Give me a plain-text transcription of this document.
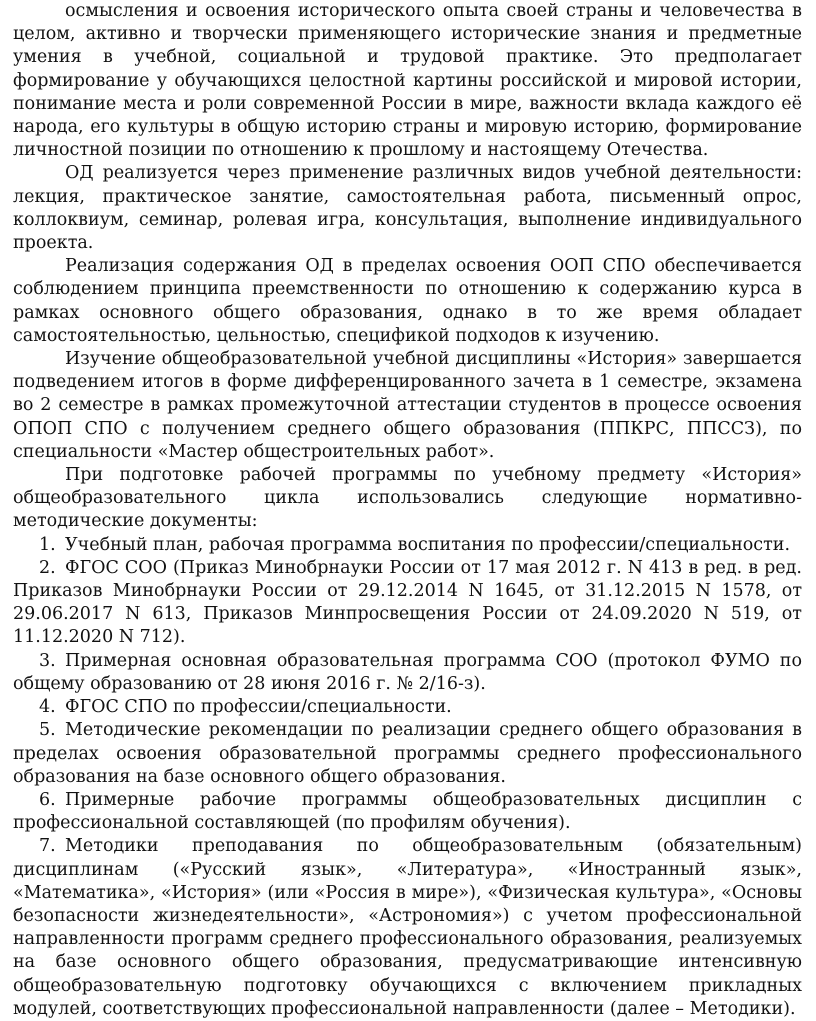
осмысления и освоения исторического опыта своей страны и человечества в целом, активно и творчески применяющего исторические знания и предметные умения в учебной, социальной и трудовой практике. Это предполагает формирование у обучающихся целостной картины российской и мировой истории, понимание места и роли современной России в мире, важности вклада каждого её народа, его культуры в общую историю страны и мировую историю, формирование личностной позиции по отношению к прошлому и настоящему Отечества.

ОД реализуется через применение различных видов учебной деятельности: лекция, практическое занятие, самостоятельная работа, письменный опрос, коллоквиум, семинар, ролевая игра, консультация, выполнение индивидуального проекта.

Реализация содержания ОД в пределах освоения ООП СПО обеспечивается соблюдением принципа преемственности по отношению к содержанию курса в рамках основного общего образования, однако в то же время обладает самостоятельностью, цельностью, спецификой подходов к изучению.

Изучение общеобразовательной учебной дисциплины «История» завершается подведением итогов в форме дифференцированного зачета в 1 семестре, экзамена во 2 семестре в рамках промежуточной аттестации студентов в процессе освоения ОПОП СПО с получением среднего общего образования (ППКРС, ППССЗ), по специальности «Мастер общестроительных работ».

При подготовке рабочей программы по учебному предмету «История» общеобразовательного цикла использовались следующие нормативно-методические документы:

1. Учебный план, рабочая программа воспитания по профессии/специальности.

2. ФГОС СОО (Приказ Минобрнауки России от 17 мая 2012 г. N 413 в ред. в ред. Приказов Минобрнауки России от 29.12.2014 N 1645, от 31.12.2015 N 1578, от 29.06.2017 N 613, Приказов Минпросвещения России от 24.09.2020 N 519, от 11.12.2020 N 712).

3. Примерная основная образовательная программа СОО (протокол ФУМО по общему образованию от 28 июня 2016 г. № 2/16-з).

4. ФГОС СПО по профессии/специальности.

5. Методические рекомендации по реализации среднего общего образования в пределах освоения образовательной программы среднего профессионального образования на базе основного общего образования.

6. Примерные рабочие программы общеобразовательных дисциплин с профессиональной составляющей (по профилям обучения).

7. Методики преподавания по общеобразовательным (обязательным) дисциплинам («Русский язык», «Литература», «Иностранный язык», «Математика», «История» (или «Россия в мире»), «Физическая культура», «Основы безопасности жизнедеятельности», «Астрономия») с учетом профессиональной направленности программ среднего профессионального образования, реализуемых на базе основного общего образования, предусматривающие интенсивную общеобразовательную подготовку обучающихся с включением прикладных модулей, соответствующих профессиональной направленности (далее – Методики).
